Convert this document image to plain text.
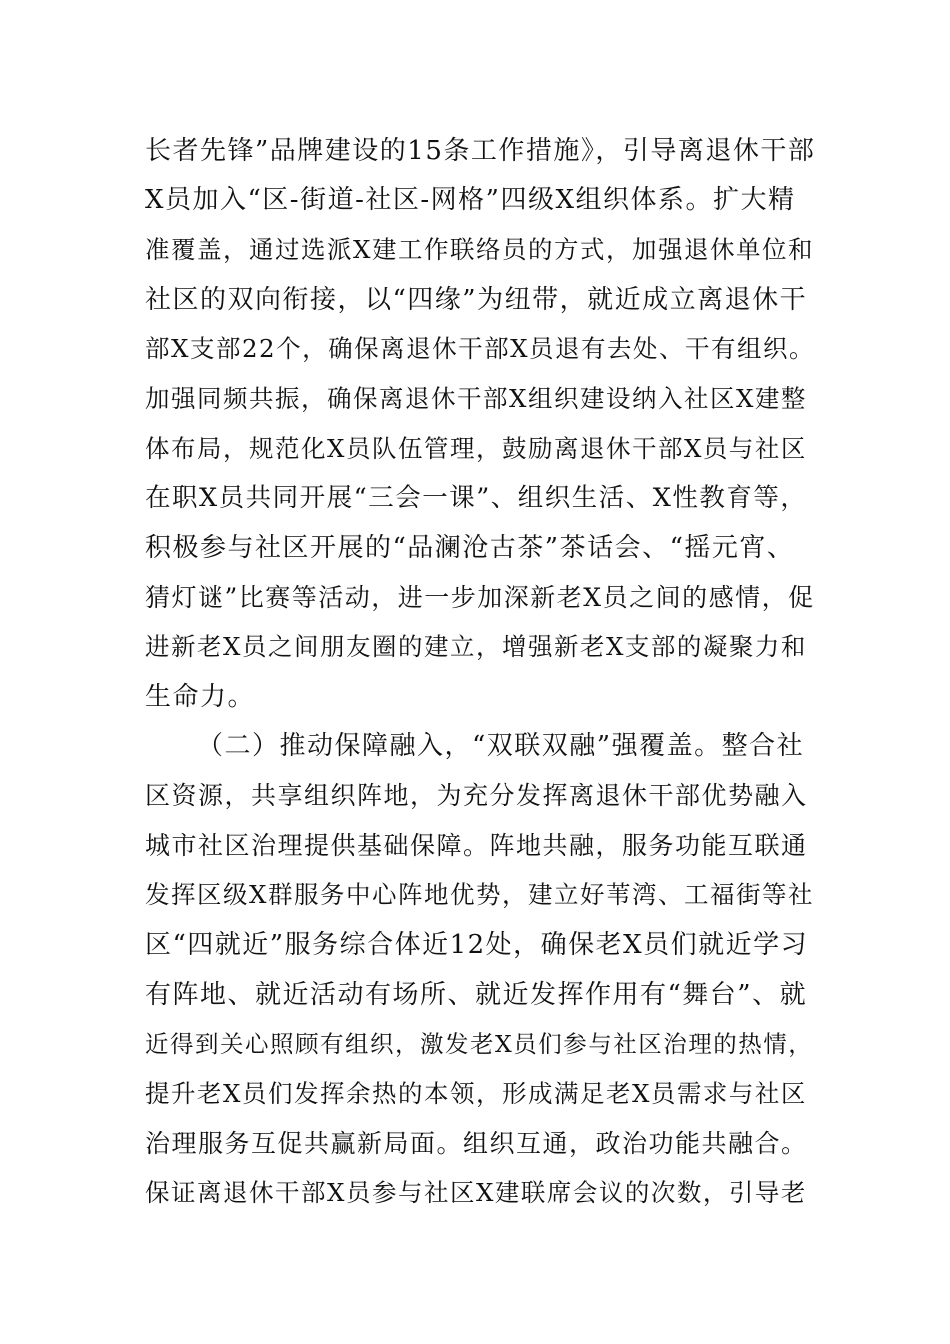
长者先锋”品牌建设的15条工作措施》，引导离退休干部
X员加入“区-街道-社区-网格”四级X组织体系。扩大精
准覆盖，通过选派X建工作联络员的方式，加强退休单位和
社区的双向衔接，以“四缘”为纽带，就近成立离退休干
部X支部22个，确保离退休干部X员退有去处、干有组织。
加强同频共振，确保离退休干部X组织建设纳入社区X建整
体布局，规范化X员队伍管理，鼓励离退休干部X员与社区
在职X员共同开展“三会一课”、组织生活、X性教育等，
积极参与社区开展的“品澜沧古茶”茶话会、“摇元宵、
猜灯谜”比赛等活动，进一步加深新老X员之间的感情，促
进新老X员之间朋友圈的建立，增强新老X支部的凝聚力和
生命力。
（二）推动保障融入，“双联双融”强覆盖。整合社
区资源，共享组织阵地，为充分发挥离退休干部优势融入
城市社区治理提供基础保障。阵地共融，服务功能互联通
发挥区级X群服务中心阵地优势，建立好苇湾、工福街等社
区“四就近”服务综合体近12处，确保老X员们就近学习
有阵地、就近活动有场所、就近发挥作用有“舞台”、就
近得到关心照顾有组织，激发老X员们参与社区治理的热情，
提升老X员们发挥余热的本领，形成满足老X员需求与社区
治理服务互促共赢新局面。组织互通，政治功能共融合。
保证离退休干部X员参与社区X建联席会议的次数，引导老
